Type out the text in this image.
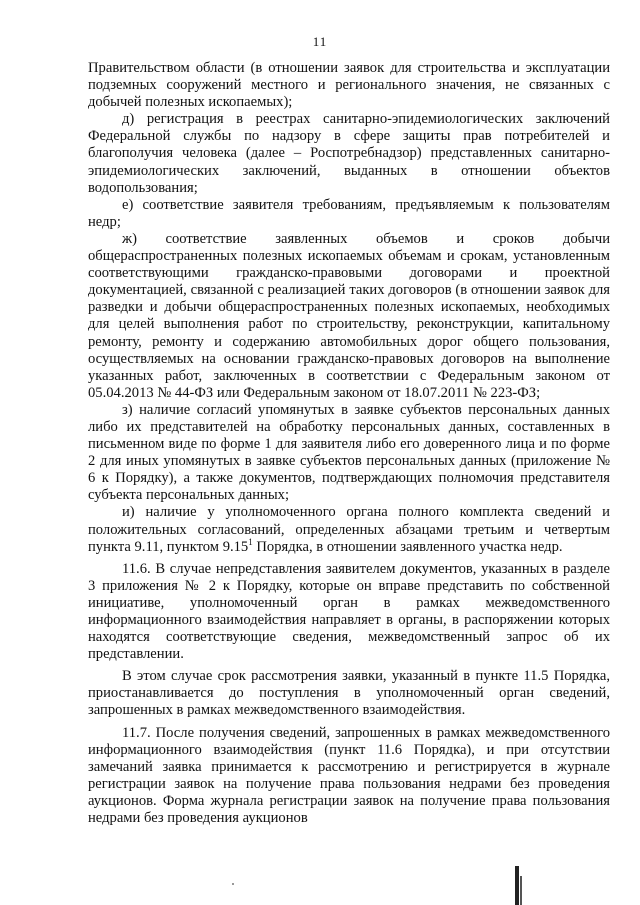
11

Правительством области (в отношении заявок для строительства и эксплуатации подземных сооружений местного и регионального значения, не связанных с добычей полезных ископаемых);

д) регистрация в реестрах санитарно-эпидемиологических заключений Федеральной службы по надзору в сфере защиты прав потребителей и благополучия человека (далее – Роспотребнадзор) представленных санитарно-эпидемиологических заключений, выданных в отношении объектов водопользования;

е) соответствие заявителя требованиям, предъявляемым к пользователям недр;

ж) соответствие заявленных объемов и сроков добычи общераспространенных полезных ископаемых объемам и срокам, установленным соответствующими гражданско-правовыми договорами и проектной документацией, связанной с реализацией таких договоров (в отношении заявок для разведки и добычи общераспространенных полезных ископаемых, необходимых для целей выполнения работ по строительству, реконструкции, капитальному ремонту, ремонту и содержанию автомобильных дорог общего пользования, осуществляемых на основании гражданско-правовых договоров на выполнение указанных работ, заключенных в соответствии с Федеральным законом от 05.04.2013 № 44-ФЗ или Федеральным законом от 18.07.2011 № 223-ФЗ;

з) наличие согласий упомянутых в заявке субъектов персональных данных либо их представителей на обработку персональных данных, составленных в письменном виде по форме 1 для заявителя либо его доверенного лица и по форме 2 для иных упомянутых в заявке субъектов персональных данных (приложение № 6 к Порядку), а также документов, подтверждающих полномочия представителя субъекта персональных данных;

и) наличие у уполномоченного органа полного комплекта сведений и положительных согласований, определенных абзацами третьим и четвертым пункта 9.11, пунктом 9.15$^1$ Порядка, в отношении заявленного участка недр.

11.6. В случае непредставления заявителем документов, указанных в разделе 3 приложения № 2 к Порядку, которые он вправе представить по собственной инициативе, уполномоченный орган в рамках межведомственного информационного взаимодействия направляет в органы, в распоряжении которых находятся соответствующие сведения, межведомственный запрос об их представлении.

В этом случае срок рассмотрения заявки, указанный в пункте 11.5 Порядка, приостанавливается до поступления в уполномоченный орган сведений, запрошенных в рамках межведомственного взаимодействия.

11.7. После получения сведений, запрошенных в рамках межведомственного информационного взаимодействия (пункт 11.6 Порядка), и при отсутствии замечаний заявка принимается к рассмотрению и регистрируется в журнале регистрации заявок на получение права пользования недрами без проведения аукционов. Форма журнала регистрации заявок на получение права пользования недрами без проведения аукционов
